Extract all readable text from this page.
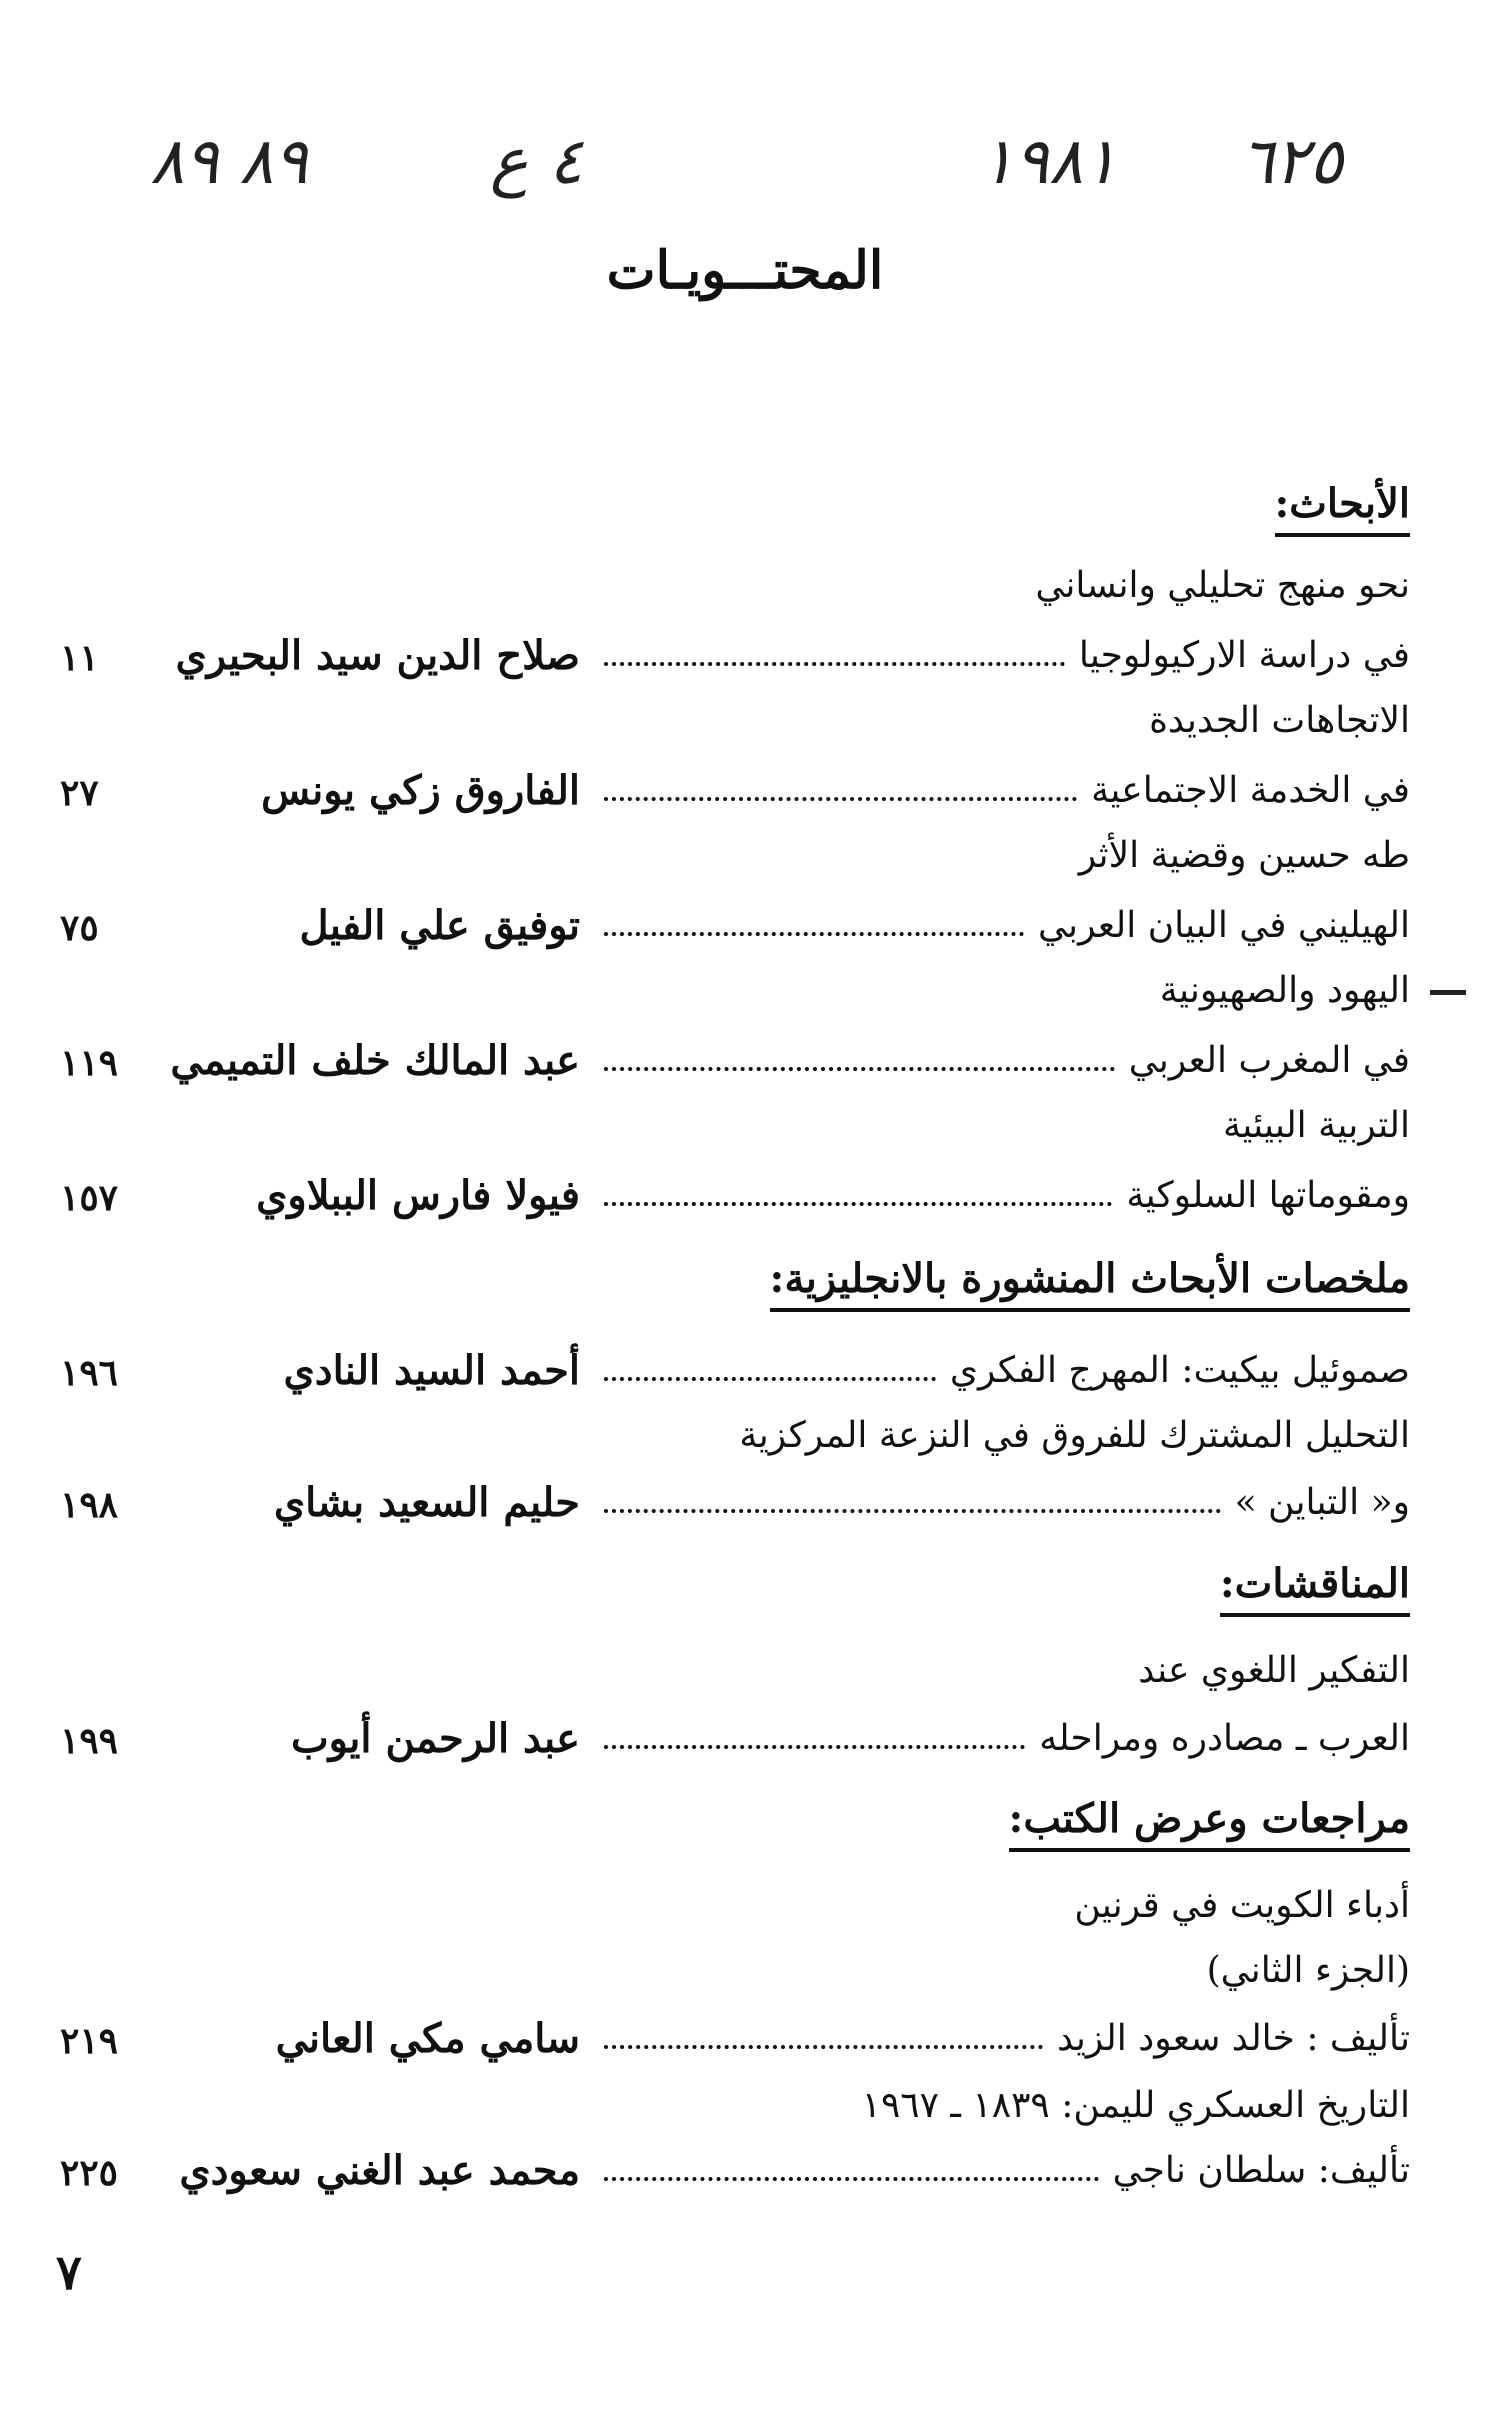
٨٩ ٨٩	٤ ع	١٩٨١ ٦٢٥
المحتـــويـات
الأبحاث:
نحو منهج تحليلي وانساني
في دراسة الاركيولوجيا
صلاح الدين سيد البحيري
١١
الاتجاهات الجديدة
في الخدمة الاجتماعية
الفاروق زكي يونس
٢٧
طه حسين وقضية الأثر
الهيليني في البيان العربي
توفيق علي الفيل
٧٥
اليهود والصهيونية
في المغرب العربي
عبد المالك خلف التميمي
١١٩
التربية البيئية
ومقوماتها السلوكية
فيولا فارس الببلاوي
١٥٧
ملخصات الأبحاث المنشورة بالانجليزية:
صموئيل بيكيت: المهرج الفكري
أحمد السيد النادي
١٩٦
التحليل المشترك للفروق في النزعة المركزية
و« التباين »
حليم السعيد بشاي
١٩٨
المناقشات:
التفكير اللغوي عند
العرب ـ مصادره ومراحله
عبد الرحمن أيوب
١٩٩
مراجعات وعرض الكتب:
أدباء الكويت في قرنين
(الجزء الثاني)
تأليف : خالد سعود الزيد
سامي مكي العاني
٢١٩
التاريخ العسكري لليمن: ١٨٣٩ ـ ١٩٦٧
تأليف: سلطان ناجي
محمد عبد الغني سعودي
٢٢٥
٧
